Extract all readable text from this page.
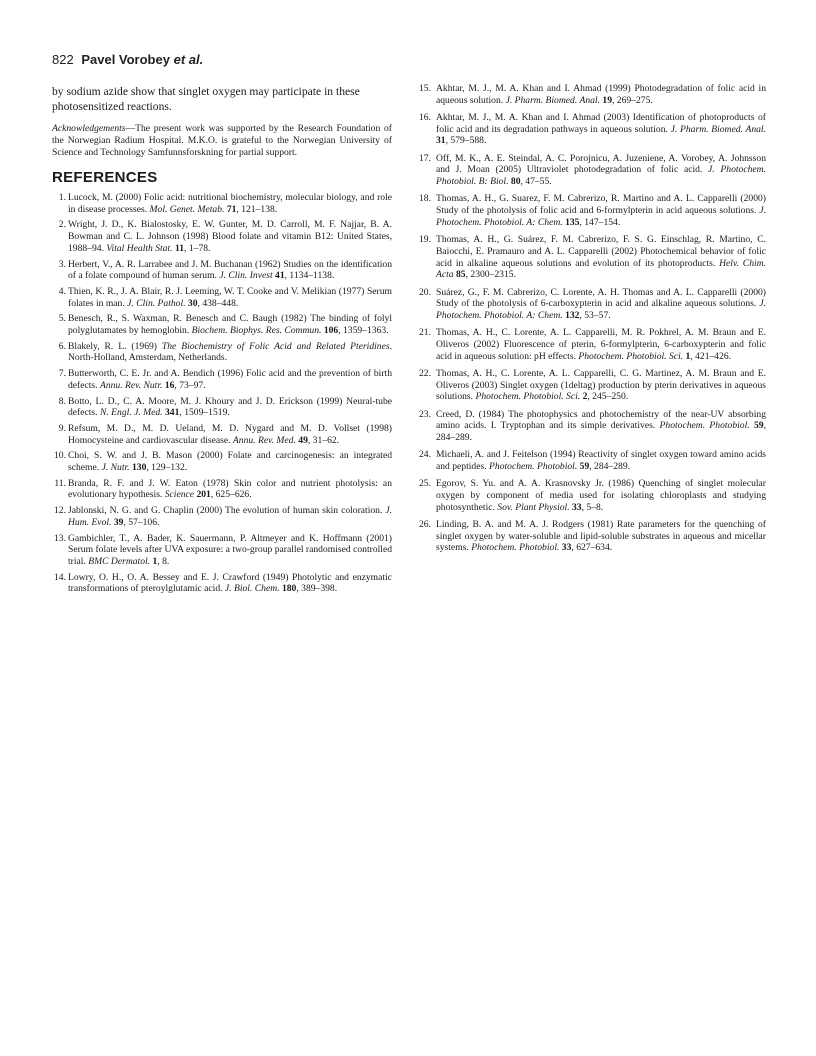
822 Pavel Vorobey et al.

by sodium azide show that singlet oxygen may participate in these photosensitized reactions.

Acknowledgements—The present work was supported by the Research Foundation of the Norwegian Radium Hospital. M.K.O. is grateful to the Norwegian University of Science and Technology Samfunnsforskning for partial support.

REFERENCES
1. Lucock, M. (2000) Folic acid: nutritional biochemistry, molecular biology, and role in disease processes. Mol. Genet. Metab. 71, 121–138.
2. Wright, J. D., K. Bialostosky, E. W. Gunter, M. D. Carroll, M. F. Najjar, B. A. Bowman and C. L. Johnson (1998) Blood folate and vitamin B12: United States, 1988–94. Vital Health Stat. 11, 1–78.
3. Herbert, V., A. R. Larrabee and J. M. Buchanan (1962) Studies on the identification of a folate compound of human serum. J. Clin. Invest 41, 1134–1138.
4. Thien, K. R., J. A. Blair, R. J. Leeming, W. T. Cooke and V. Melikian (1977) Serum folates in man. J. Clin. Pathol. 30, 438–448.
5. Benesch, R., S. Waxman, R. Benesch and C. Baugh (1982) The binding of folyl polyglutamates by hemoglobin. Biochem. Biophys. Res. Commun. 106, 1359–1363.
6. Blakely, R. L. (1969) The Biochemistry of Folic Acid and Related Pteridines. North-Holland, Amsterdam, Netherlands.
7. Butterworth, C. E. Jr. and A. Bendich (1996) Folic acid and the prevention of birth defects. Annu. Rev. Nutr. 16, 73–97.
8. Botto, L. D., C. A. Moore, M. J. Khoury and J. D. Erickson (1999) Neural-tube defects. N. Engl. J. Med. 341, 1509–1519.
9. Refsum, M. D., M. D. Ueland, M. D. Nygard and M. D. Vollset (1998) Homocysteine and cardiovascular disease. Annu. Rev. Med. 49, 31–62.
10. Choi, S. W. and J. B. Mason (2000) Folate and carcinogenesis: an integrated scheme. J. Nutr. 130, 129–132.
11. Branda, R. F. and J. W. Eaton (1978) Skin color and nutrient photolysis: an evolutionary hypothesis. Science 201, 625–626.
12. Jablonski, N. G. and G. Chaplin (2000) The evolution of human skin coloration. J. Hum. Evol. 39, 57–106.
13. Gambichler, T., A. Bader, K. Sauermann, P. Altmeyer and K. Hoffmann (2001) Serum folate levels after UVA exposure: a two-group parallel randomised controlled trial. BMC Dermatol. 1, 8.
14. Lowry, O. H., O. A. Bessey and E. J. Crawford (1949) Photolytic and enzymatic transformations of pteroylglutamic acid. J. Biol. Chem. 180, 389–398.
15. Akhtar, M. J., M. A. Khan and I. Ahmad (1999) Photodegradation of folic acid in aqueous solution. J. Pharm. Biomed. Anal. 19, 269–275.
16. Akhtar, M. J., M. A. Khan and I. Ahmad (2003) Identification of photoproducts of folic acid and its degradation pathways in aqueous solution. J. Pharm. Biomed. Anal. 31, 579–588.
17. Off, M. K., A. E. Steindal, A. C. Porojnicu, A. Juzeniene, A. Vorobey, A. Johnsson and J. Moan (2005) Ultraviolet photodegradation of folic acid. J. Photochem. Photobiol. B: Biol. 80, 47–55.
18. Thomas, A. H., G. Suarez, F. M. Cabrerizo, R. Martino and A. L. Capparelli (2000) Study of the photolysis of folic acid and 6-formylpterin in acid aqueous solutions. J. Photochem. Photobiol. A: Chem. 135, 147–154.
19. Thomas, A. H., G. Suárez, F. M. Cabrerizo, F. S. G. Einschlag, R. Martino, C. Baiocchi, E. Pramauro and A. L. Capparelli (2002) Photochemical behavior of folic acid in alkaline aqueous solutions and evolution of its photoproducts. Helv. Chim. Acta 85, 2300–2315.
20. Suárez, G., F. M. Cabrerizo, C. Lorente, A. H. Thomas and A. L. Capparelli (2000) Study of the photolysis of 6-carboxypterin in acid and alkaline aqueous solutions. J. Photochem. Photobiol. A: Chem. 132, 53–57.
21. Thomas, A. H., C. Lorente, A. L. Capparelli, M. R. Pokhrel, A. M. Braun and E. Oliveros (2002) Fluorescence of pterin, 6-formylpterin, 6-carboxypterin and folic acid in aqueous solution: pH effects. Photochem. Photobiol. Sci. 1, 421–426.
22. Thomas, A. H., C. Lorente, A. L. Capparelli, C. G. Martinez, A. M. Braun and E. Oliveros (2003) Singlet oxygen (1deltag) production by pterin derivatives in aqueous solutions. Photochem. Photobiol. Sci. 2, 245–250.
23. Creed, D. (1984) The photophysics and photochemistry of the near-UV absorbing amino acids. I. Tryptophan and its simple derivatives. Photochem. Photobiol. 59, 284–289.
24. Michaeli, A. and J. Feitelson (1994) Reactivity of singlet oxygen toward amino acids and peptides. Photochem. Photobiol. 59, 284–289.
25. Egorov, S. Yu. and A. A. Krasnovsky Jr. (1986) Quenching of singlet molecular oxygen by component of media used for isolating chloroplasts and studying photosynthetic. Sov. Plant Physiol. 33, 5–8.
26. Linding, B. A. and M. A. J. Rodgers (1981) Rate parameters for the quenching of singlet oxygen by water-soluble and lipid-soluble substrates in aqueous and micellar systems. Photochem. Photobiol. 33, 627–634.
